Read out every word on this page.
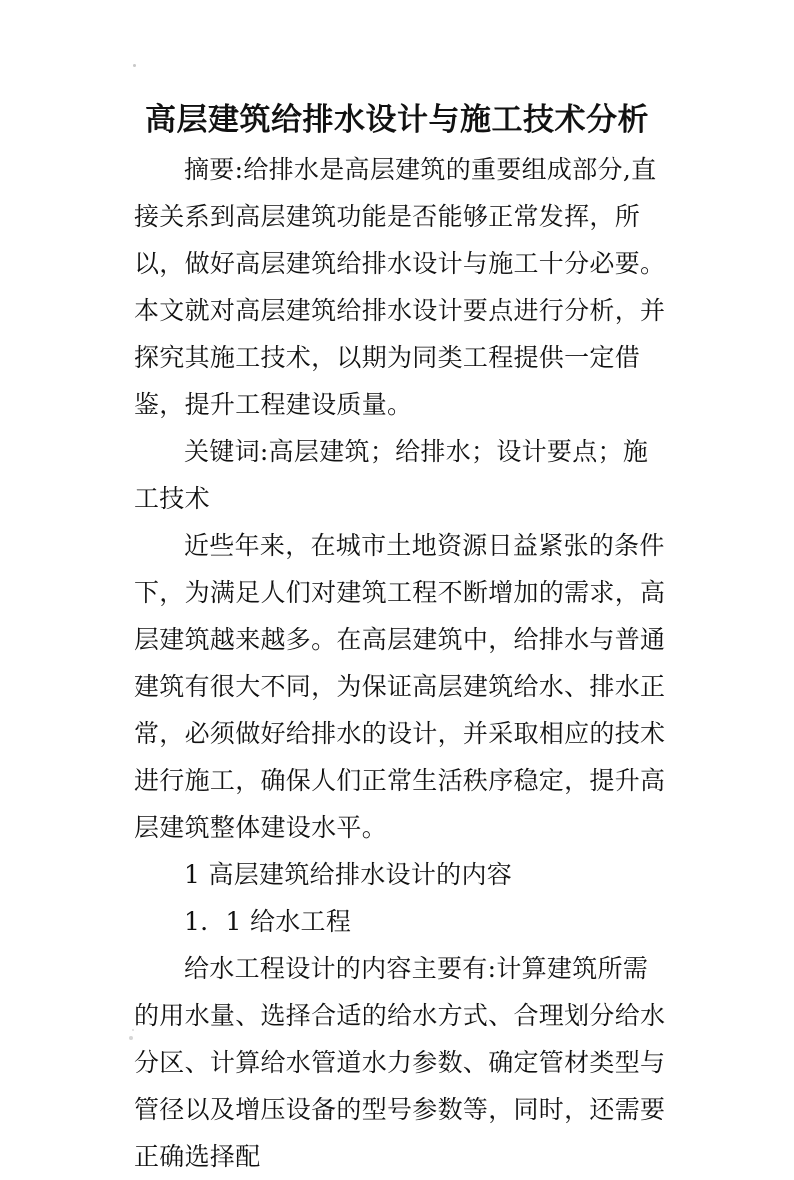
高层建筑给排水设计与施工技术分析

摘要:给排水是高层建筑的重要组成部分,直接关系到高层建筑功能是否能够正常发挥，所以，做好高层建筑给排水设计与施工十分必要。本文就对高层建筑给排水设计要点进行分析，并探究其施工技术，以期为同类工程提供一定借鉴，提升工程建设质量。

关键词:高层建筑；给排水；设计要点；施工技术

近些年来，在城市土地资源日益紧张的条件下，为满足人们对建筑工程不断增加的需求，高层建筑越来越多。在高层建筑中，给排水与普通建筑有很大不同，为保证高层建筑给水、排水正常，必须做好给排水的设计，并采取相应的技术进行施工，确保人们正常生活秩序稳定，提升高层建筑整体建设水平。

1 高层建筑给排水设计的内容

1．1 给水工程

给水工程设计的内容主要有:计算建筑所需的用水量、选择合适的给水方式、合理划分给水分区、计算给水管道水力参数、确定管材类型与管径以及增压设备的型号参数等，同时，还需要正确选择配
